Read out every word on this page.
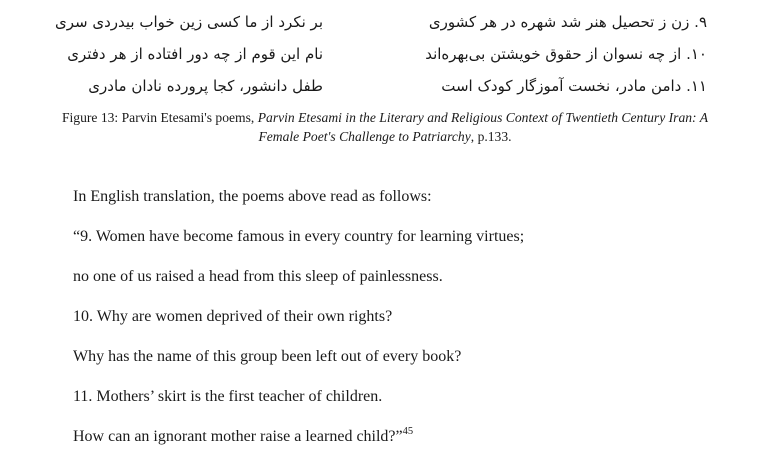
۹. زن ز تحصیل هنر شد شهره در هر کشوری
بر نکرد از ما کسی زین خواب بیدردی سری
۱۰. از چه نسوان از حقوق خویشتن بی‌بهره‌اند
نام این قوم از چه دور افتاده از هر دفتری
۱۱. دامن مادر، نخست آموزگار کودک است
طفل دانشور، کجا پرورده نادان مادری
Figure 13: Parvin Etesami's poems, Parvin Etesami in the Literary and Religious Context of Twentieth Century Iran: A Female Poet's Challenge to Patriarchy, p.133.
In English translation, the poems above read as follows:
“9. Women have become famous in every country for learning virtues;
no one of us raised a head from this sleep of painlessness.
10. Why are women deprived of their own rights?
Why has the name of this group been left out of every book?
11. Mothers’ skirt is the first teacher of children.
How can an ignorant mother raise a learned child?”$^{45}$
